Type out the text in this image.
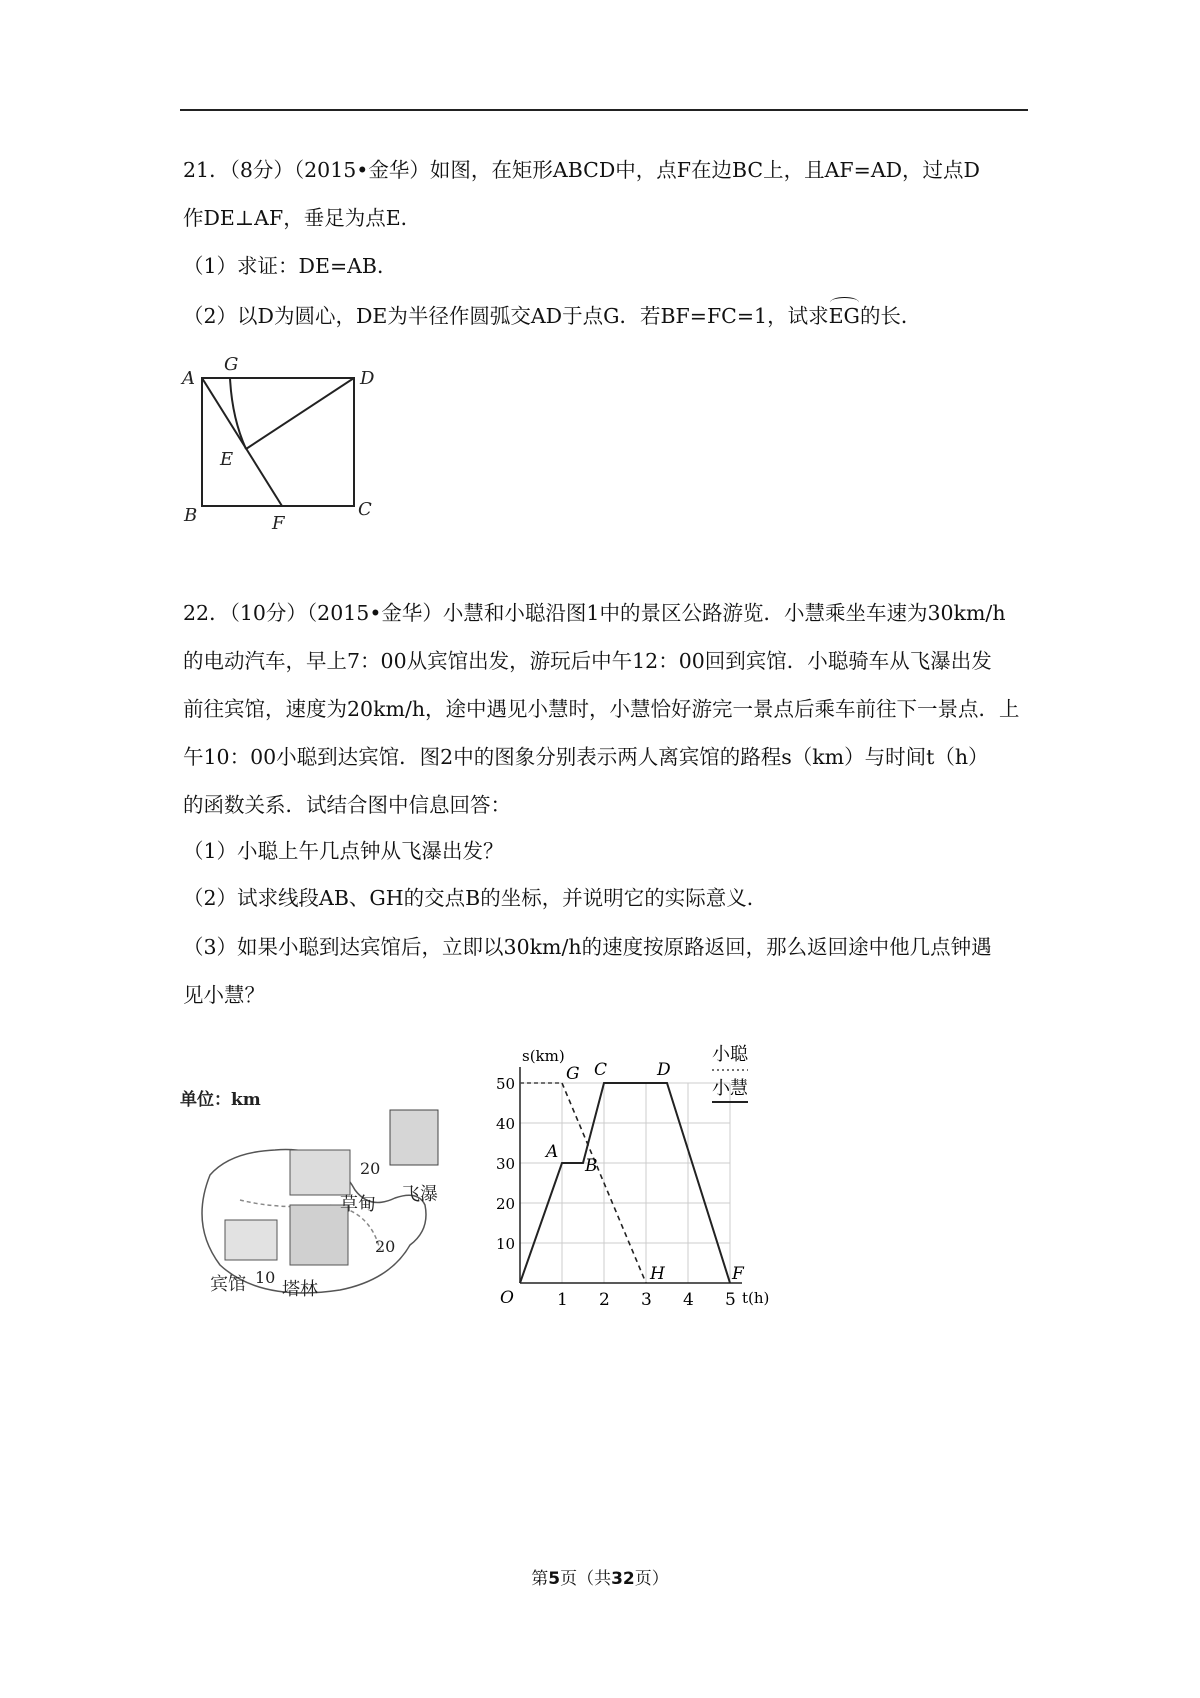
21．（8分）（2015•金华）如图，在矩形ABCD中，点F在边BC上，且AF=AD，过点D
作DE⊥AF，垂足为点E．
（1）求证：DE=AB．
（2）以D为圆心，DE为半径作圆弧交AD于点G．若BF=FC=1，试求EG的长．
A
G
D
E
B	F
C
22．（10分）（2015•金华）小慧和小聪沿图1中的景区公路游览．小慧乘坐车速为30km/h
的电动汽车，早上7：00从宾馆出发，游玩后中午12：00回到宾馆．小聪骑车从飞瀑出发
前往宾馆，速度为20km/h，途中遇见小慧时，小慧恰好游完一景点后乘车前往下一景点．上
午10：00小聪到达宾馆．图2中的图象分别表示两人离宾馆的路程s（km）与时间t（h）
的函数关系．试结合图中信息回答：
（1）小聪上午几点钟从飞瀑出发？
（2）试求线段AB、GH的交点B的坐标，并说明它的实际意义．
（3）如果小聪到达宾馆后，立即以30km/h的速度按原路返回，那么返回途中他几点钟遇
见小慧？
单位：km
宾馆 塔林
草甸 飞瀑
10
20
20
1 2 3 4 5
10
20
30
40
50
O	t(h)
s(km)
G
H
A
B
C	D
F
小聪
小慧
第5页（共32页）
